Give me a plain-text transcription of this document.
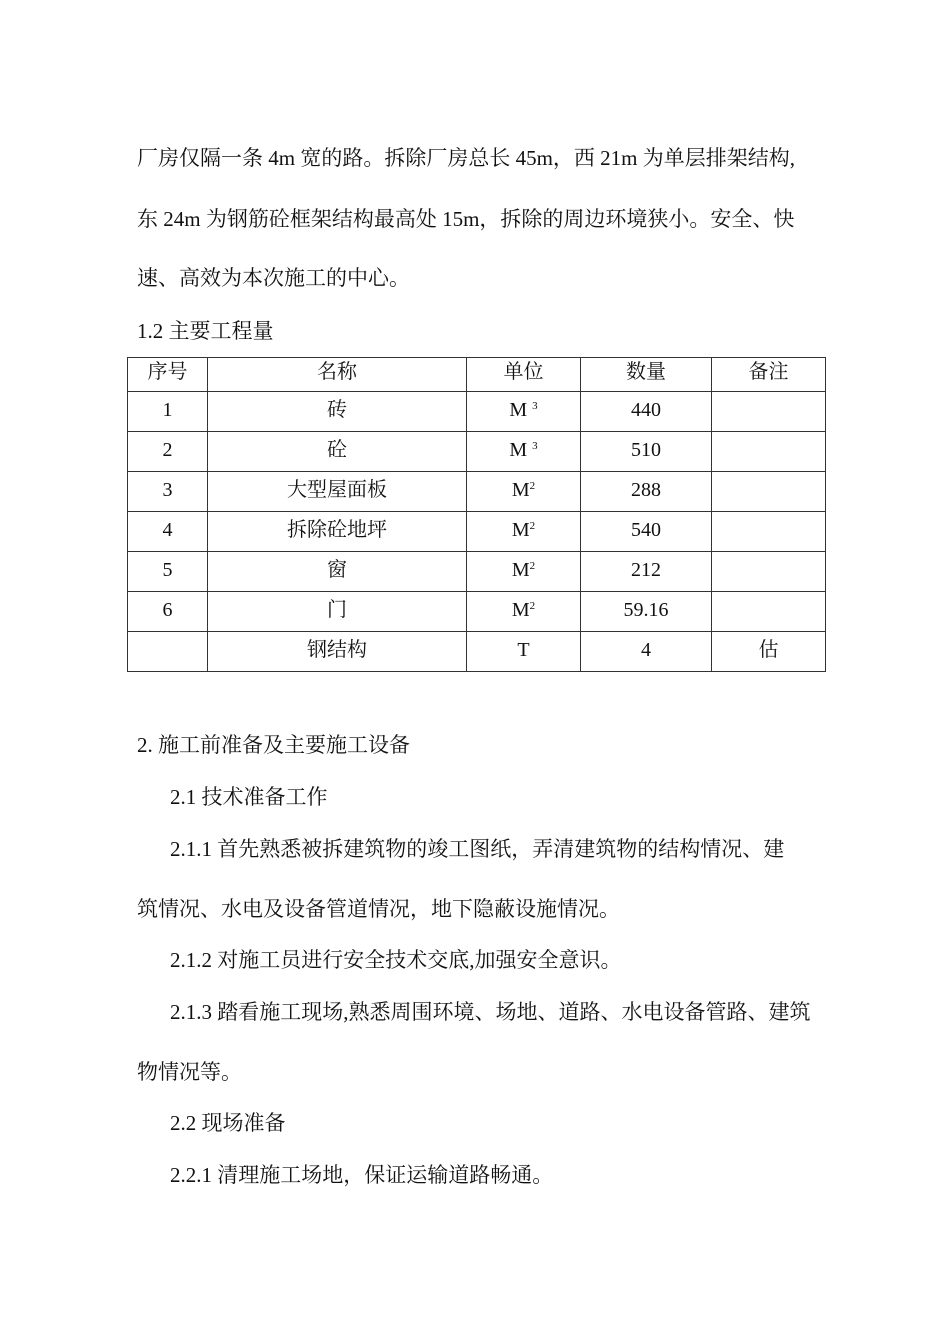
厂房仅隔一条 4m 宽的路。拆除厂房总长 45m，西 21m 为单层排架结构,
东 24m 为钢筋砼框架结构最高处 15m，拆除的周边环境狭小。安全、快
速、高效为本次施工的中心。
1.2 主要工程量
序号	名称	单位	数量	备注
1	砖	M $^3$	440	
2	砼	M $^3$	510	
3	大型屋面板	$M^2$	288	
4	拆除砼地坪	$M^2$	540	
5	窗	$M^2$	212	
6	门	$M^2$	59.16	
	钢结构	T	4	估
2. 施工前准备及主要施工设备
2.1 技术准备工作
2.1.1 首先熟悉被拆建筑物的竣工图纸，弄清建筑物的结构情况、建
筑情况、水电及设备管道情况，地下隐蔽设施情况。
2.1.2 对施工员进行安全技术交底,加强安全意识。
2.1.3 踏看施工现场,熟悉周围环境、场地、道路、水电设备管路、建筑
物情况等。
2.2 现场准备
2.2.1 清理施工场地，保证运输道路畅通。
